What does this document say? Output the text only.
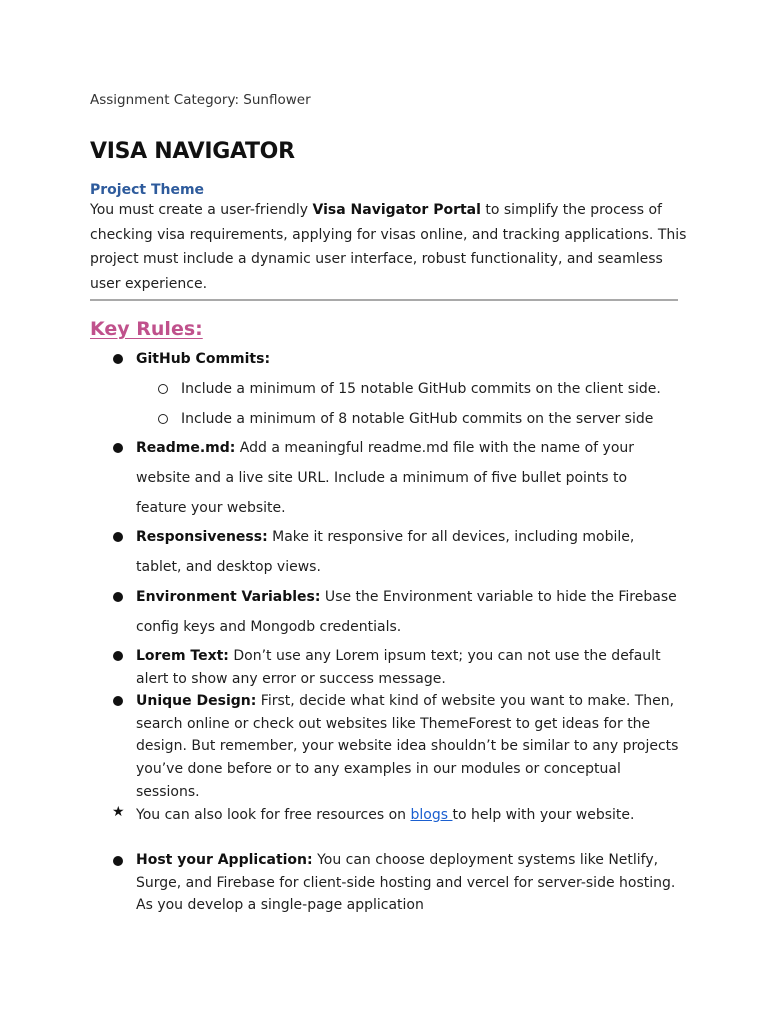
Assignment Category: Sunflower
VISA NAVIGATOR
Project Theme
You must create a user-friendly Visa Navigator Portal to simplify the process of checking visa requirements, applying for visas online, and tracking applications. This project must include a dynamic user interface, robust functionality, and seamless user experience.
Key Rules:
GitHub Commits:
Include a minimum of 15 notable GitHub commits on the client side.
Include a minimum of 8 notable GitHub commits on the server side
Readme.md: Add a meaningful readme.md file with the name of your website and a live site URL. Include a minimum of five bullet points to feature your website.
Responsiveness: Make it responsive for all devices, including mobile, tablet, and desktop views.
Environment Variables: Use the Environment variable to hide the Firebase config keys and Mongodb credentials.
Lorem Text: Don’t use any Lorem ipsum text; you can not use the default alert to show any error or success message.
Unique Design: First, decide what kind of website you want to make. Then, search online or check out websites like ThemeForest to get ideas for the design. But remember, your website idea shouldn’t be similar to any projects you’ve done before or to any examples in our modules or conceptual sessions.
★ You can also look for free resources on blogs to help with your website.
Host your Application: You can choose deployment systems like Netlify, Surge, and Firebase for client-side hosting and vercel for server-side hosting. As you develop a single-page application
